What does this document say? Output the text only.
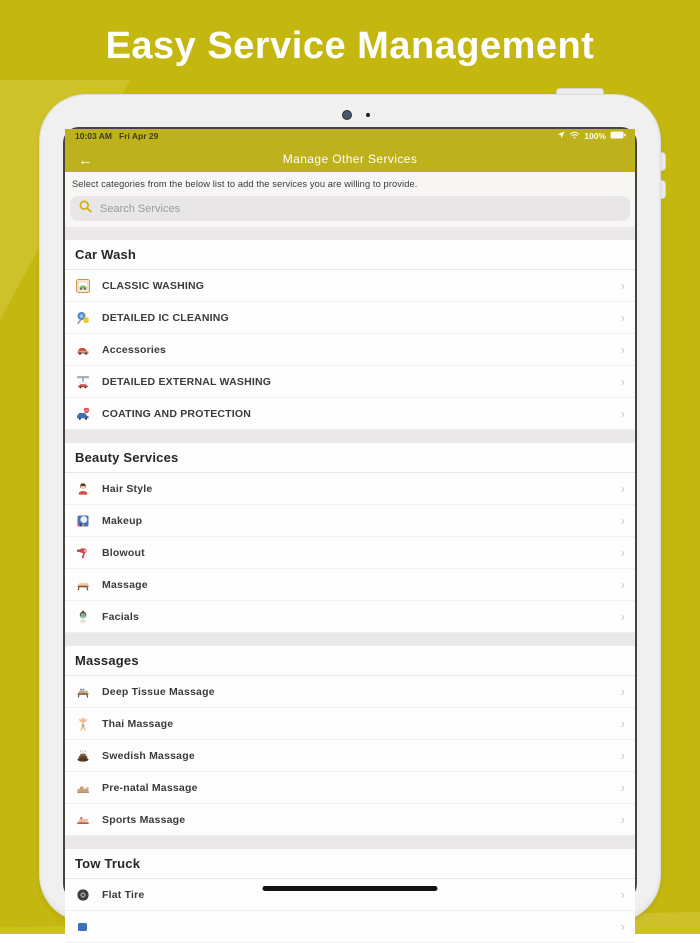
Easy Service Management
10:03 AM Fri Apr 29	100%
←	Manage Other Services

Select categories from the below list to add the services you are willing to provide.

Search Services
Car Wash
CLASSIC WASHING	›
DETAILED IC CLEANING	›
Accessories	›
DETAILED EXTERNAL WASHING	›
COATING AND PROTECTION	›
Beauty Services
Hair Style	›
Makeup	›
Blowout	›
Massage	›
Facials	›
Massages
Deep Tissue Massage	›
Thai Massage	›
Swedish Massage	›
Pre-natal Massage	›
Sports Massage	›
Tow Truck
Flat Tire	›
›
